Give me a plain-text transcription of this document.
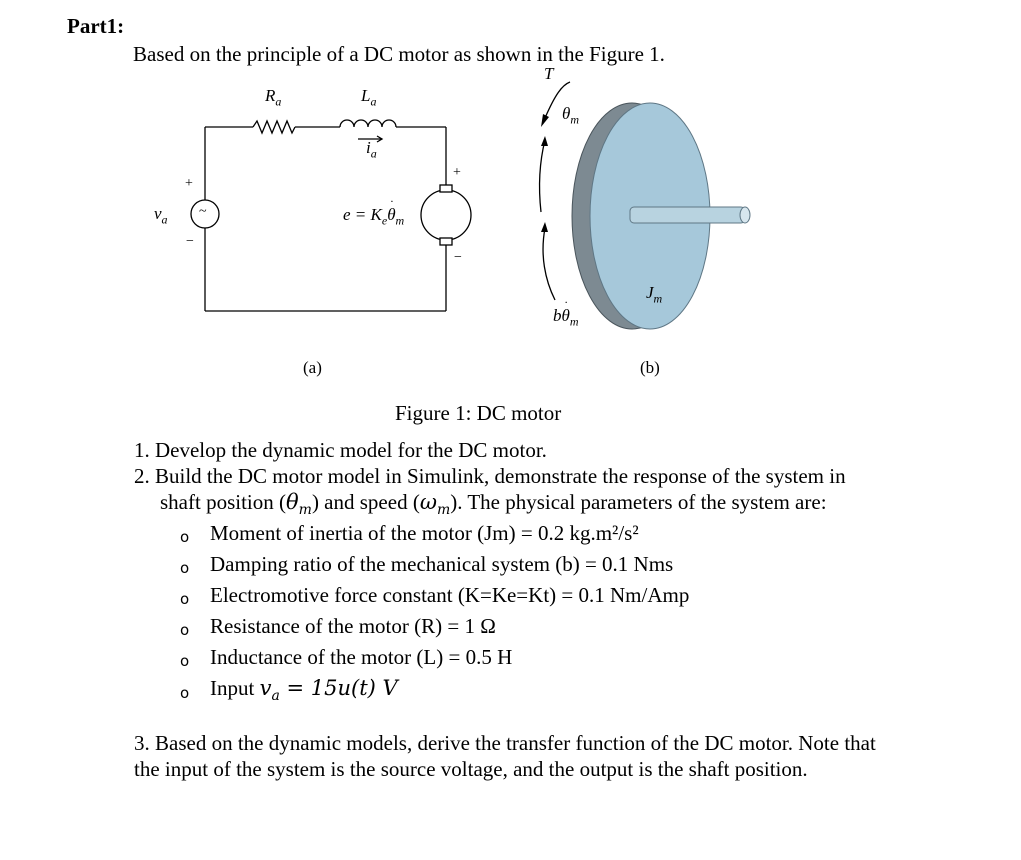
Part1:
Based on the principle of a DC motor as shown in the Figure 1.
$R_a$	$L_a$
$i_a$
$v_a$
~
+
−
+
−
$e = K_e\theta$
·
$_m$
(a)
T
$\theta_m$
bθ
·
$_m$
$J_m$
(b)
Figure 1: DC motor
1. Develop the dynamic model for the DC motor.
2. Build the DC motor model in Simulink, demonstrate the response of the system in
shaft position $(\theta_m)$ and speed $(\omega_m)$. The physical parameters of the system are:
o Moment of inertia of the motor (Jm) = 0.2 kg.m²/s²
o Damping ratio of the mechanical system (b) = 0.1 Nms
o Electromotive force constant (K=Ke=Kt) = 0.1 Nm/Amp
o Resistance of the motor (R) = 1 Ω
o Inductance of the motor (L) = 0.5 H
o Input $v_a = 15u(t)$ V
3. Based on the dynamic models, derive the transfer function of the DC motor. Note that
the input of the system is the source voltage, and the output is the shaft position.
